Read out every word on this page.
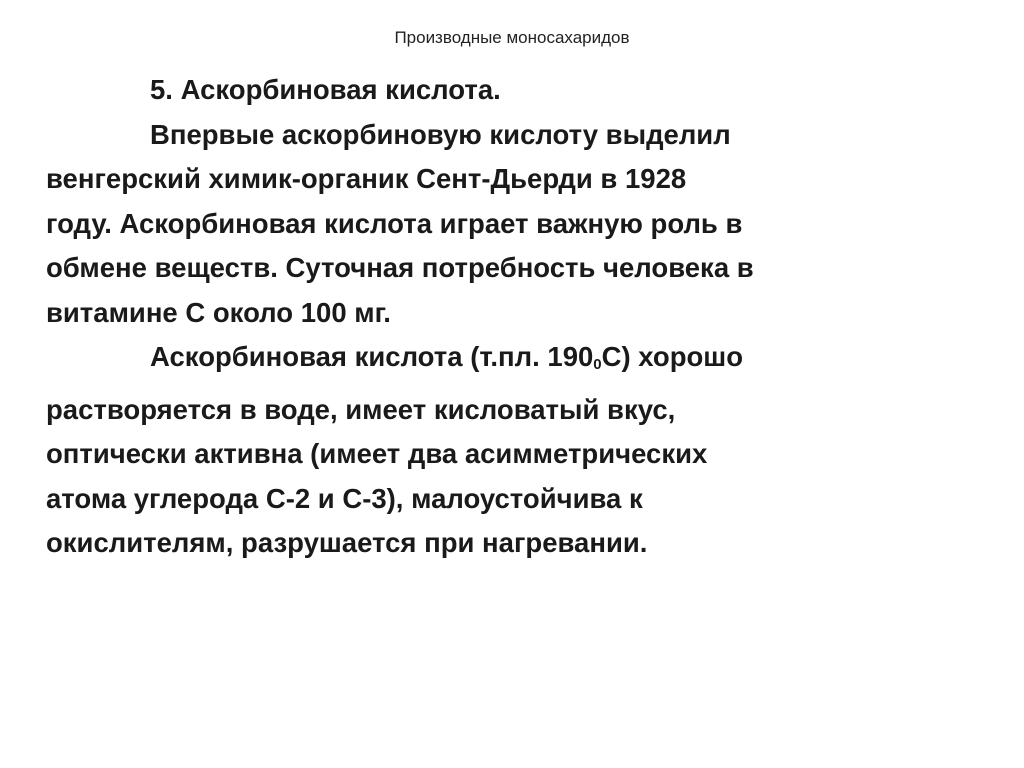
Производные моносахаридов

5. Аскорбиновая кислота.

Впервые аскорбиновую кислоту выделил
венгерский химик-органик Сент-Дьерди в 1928
году. Аскорбиновая кислота играет важную роль в
обмене веществ. Суточная потребность человека в
витамине С около 100 мг.

Аскорбиновая кислота (т.пл. $190_0С$) хорошо
растворяется в воде, имеет кисловатый вкус,
оптически активна (имеет два асимметрических
атома углерода С-2 и С-3), малоустойчива к
окислителям, разрушается при нагревании.
